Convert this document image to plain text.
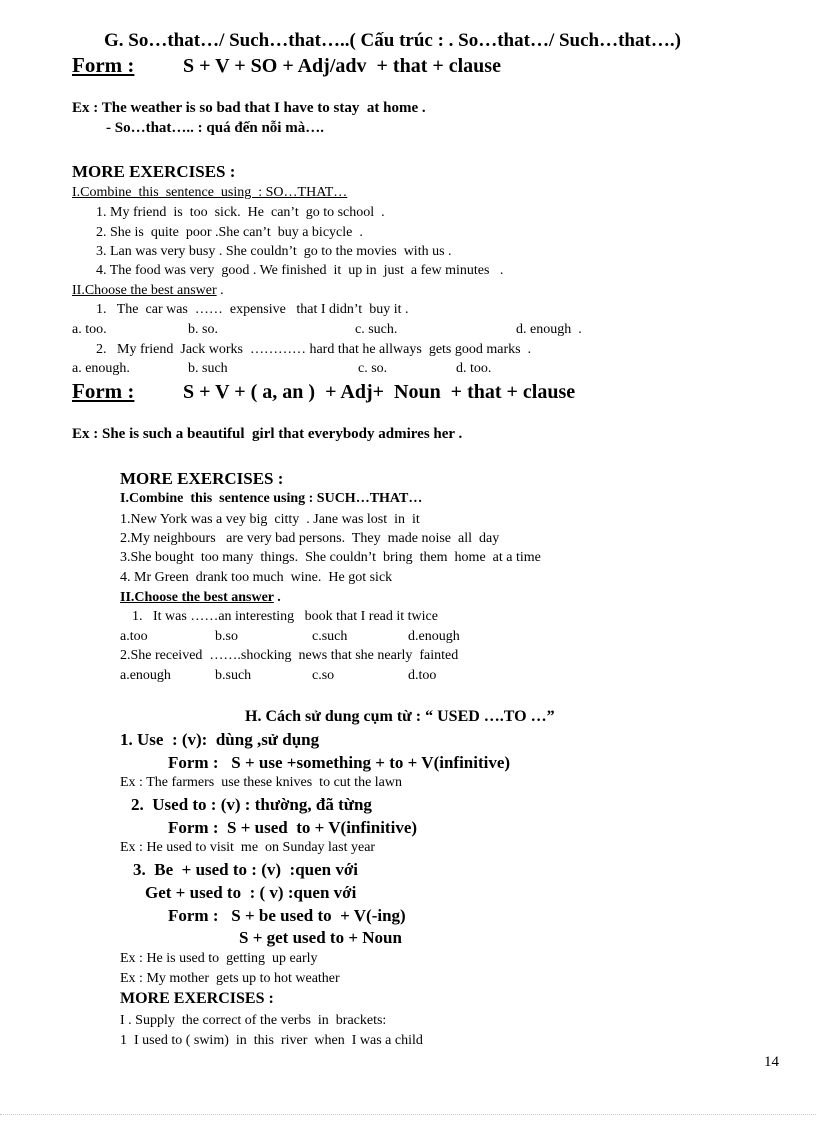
G. So…that…/ Such…that…..( Cấu trúc : . So…that…/ Such…that….)
Form : S + V + SO + Adj/adv  + that + clause
Ex : The weather is so bad that I have to stay  at home .
- So…that….. : quá đến nỗi mà….
MORE EXERCISES :
I.Combine  this  sentence  using  : SO…THAT…
1. My friend  is  too  sick.  He  can’t  go to school  .
2. She is  quite  poor .She can’t  buy a bicycle  .
3. Lan was very busy . She couldn’t  go to the movies  with us .
4. The food was very  good . We finished  it  up in  just  a few minutes   .
II.Choose the best answer .
1.   The  car was  ……  expensive   that I didn’t  buy it .
a. too.	b. so.	c. such.	d. enough  .
2.   My friend  Jack works  ………… hard that he allways  gets good marks  .
a. enough.	b. such	c. so.	d. too.
Form : S + V + ( a, an )  + Adj+  Noun  + that + clause
Ex : She is such a beautiful  girl that everybody admires her .
MORE EXERCISES :
I.Combine  this  sentence using : SUCH…THAT…
1.New York was a vey big  citty  . Jane was lost  in  it
2.My neighbours   are very bad persons.  They  made noise  all  day
3.She bought  too many  things.  She couldn’t  bring  them  home  at a time
4. Mr Green  drank too much  wine.  He got sick
II.Choose the best answer .
1.   It was ……an interesting   book that I read it twice
a.too	b.so	c.such	d.enough
2.She received  …….shocking  news that she nearly  fainted
a.enough	b.such	c.so	d.too
H. Cách sử dung cụm từ : “ USED ….TO …”
1. Use  : (v):  dùng ,sử dụng
Form :   S + use +something + to + V(infinitive)
Ex : The farmers  use these knives  to cut the lawn
2.  Used to : (v) : thường, đã từng
Form :  S + used  to + V(infinitive)
Ex : He used to visit  me  on Sunday last year
3.  Be  + used to : (v)  :quen với
Get + used to  : ( v) :quen với
Form :   S + be used to  + V(-ing)
S + get used to + Noun
Ex : He is used to  getting  up early
Ex : My mother  gets up to hot weather
MORE EXERCISES :
I . Supply  the correct of the verbs  in  brackets:
1  I used to ( swim)  in  this  river  when  I was a child
14
